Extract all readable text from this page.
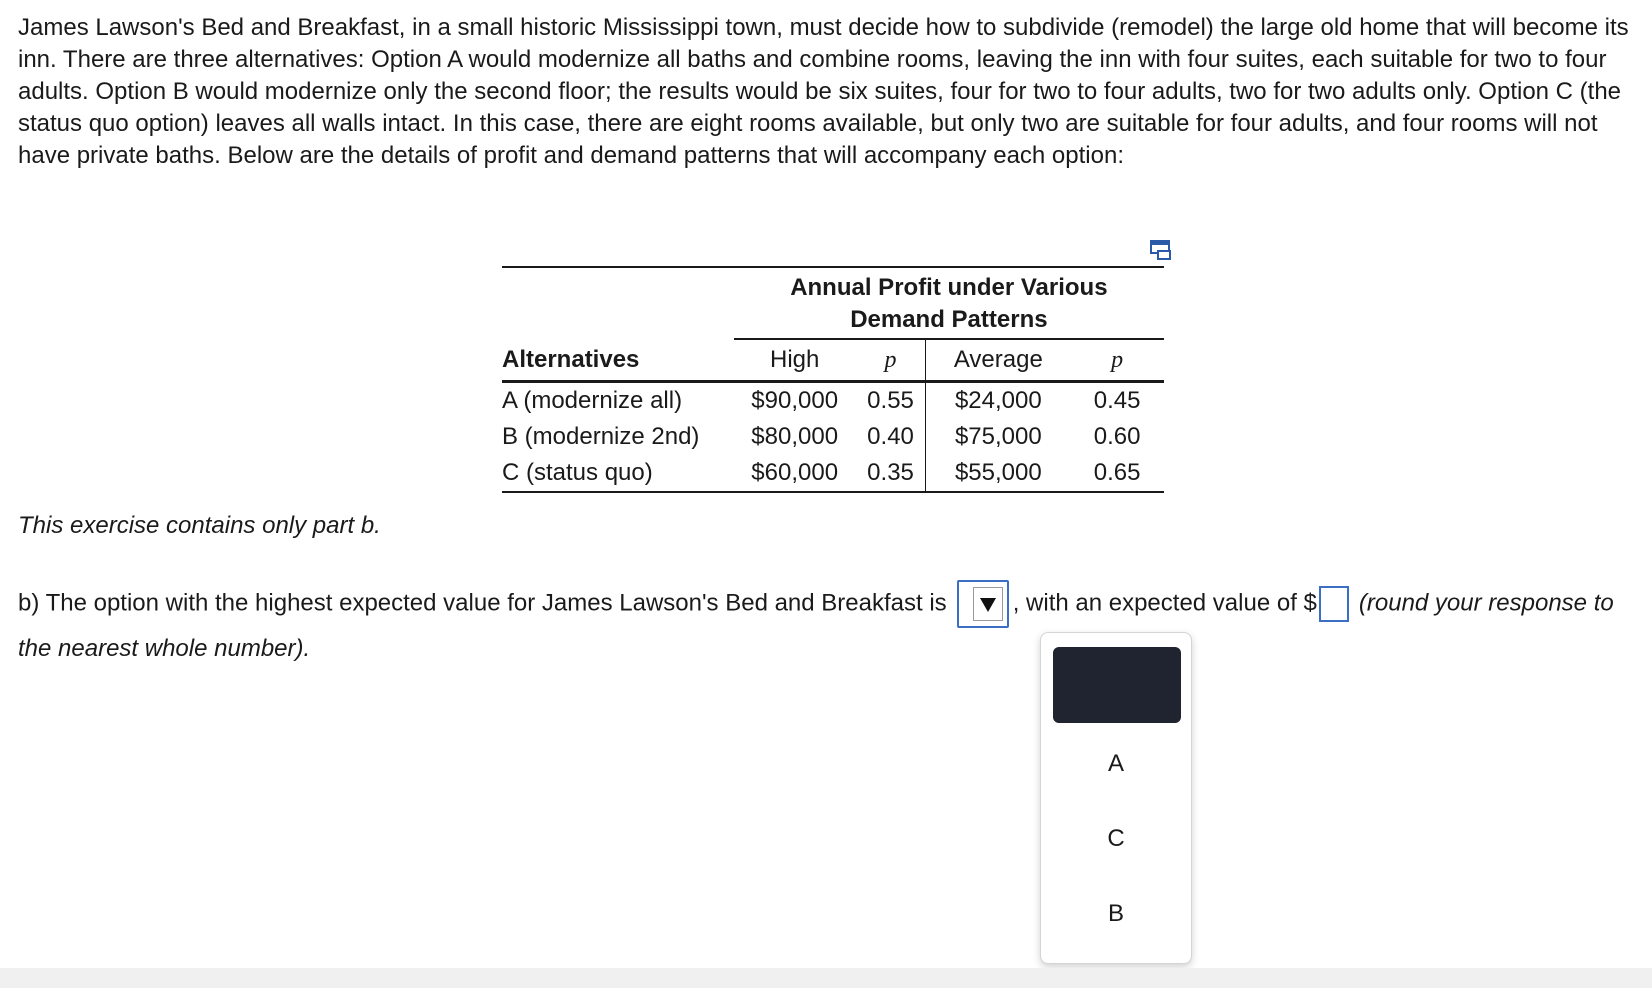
James Lawson's Bed and Breakfast, in a small historic Mississippi town, must decide how to subdivide (remodel) the large old home that will become its inn. There are three alternatives: Option A would modernize all baths and combine rooms, leaving the inn with four suites, each suitable for two to four adults. Option B would modernize only the second floor; the results would be six suites, four for two to four adults, two for two adults only. Option C (the status quo option) leaves all walls intact. In this case, there are eight rooms available, but only two are suitable for four adults, and four rooms will not have private baths. Below are the details of profit and demand patterns that will accompany each option:

	Annual Profit under Various
Demand Patterns			
Alternatives	High	p	Average	p
A (modernize all)	$90,000	0.55	$24,000	0.45
B (modernize 2nd)	$80,000	0.40	$75,000	0.60
C (status quo)	$60,000	0.35	$55,000	0.65
This exercise contains only part b.
b) The option with the highest expected value for James Lawson's Bed and Breakfast is	, with an expected value of $ (round your response to the nearest whole number).
A
C
B
